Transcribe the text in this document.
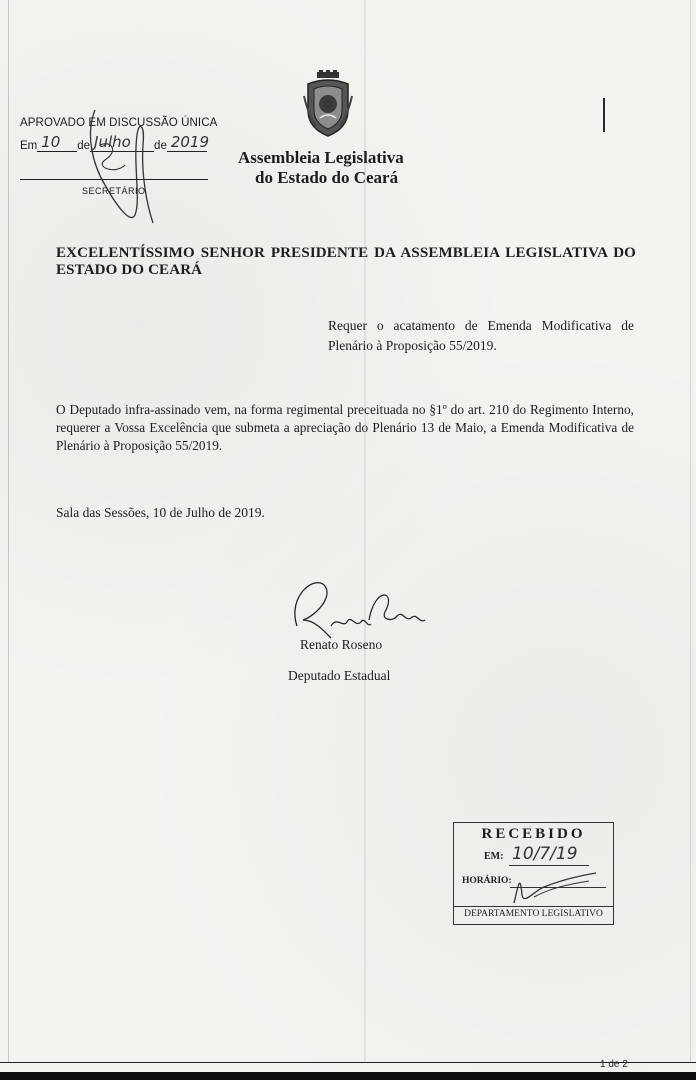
APROVADO EM DISCUSSÃO ÚNICA
Em 10 de Julho de 2019
SECRETÁRIO
Assembleia Legislativa
do Estado do Ceará
EXCELENTÍSSIMO SENHOR PRESIDENTE DA ASSEMBLEIA LEGISLATIVA DO ESTADO DO CEARÁ
Requer o acatamento de Emenda Modificativa de Plenário à Proposição 55/2019.
O Deputado infra-assinado vem, na forma regimental preceituada no §1º do art. 210 do Regimento Interno, requerer a Vossa Excelência que submeta a apreciação do Plenário 13 de Maio, a Emenda Modificativa de Plenário à Proposição 55/2019.
Sala das Sessões, 10 de Julho de 2019.
Renato Roseno
Deputado Estadual
RECEBIDO
EM: 10/7/19
HORÁRIO:
DEPARTAMENTO LEGISLATIVO
1 de 2
